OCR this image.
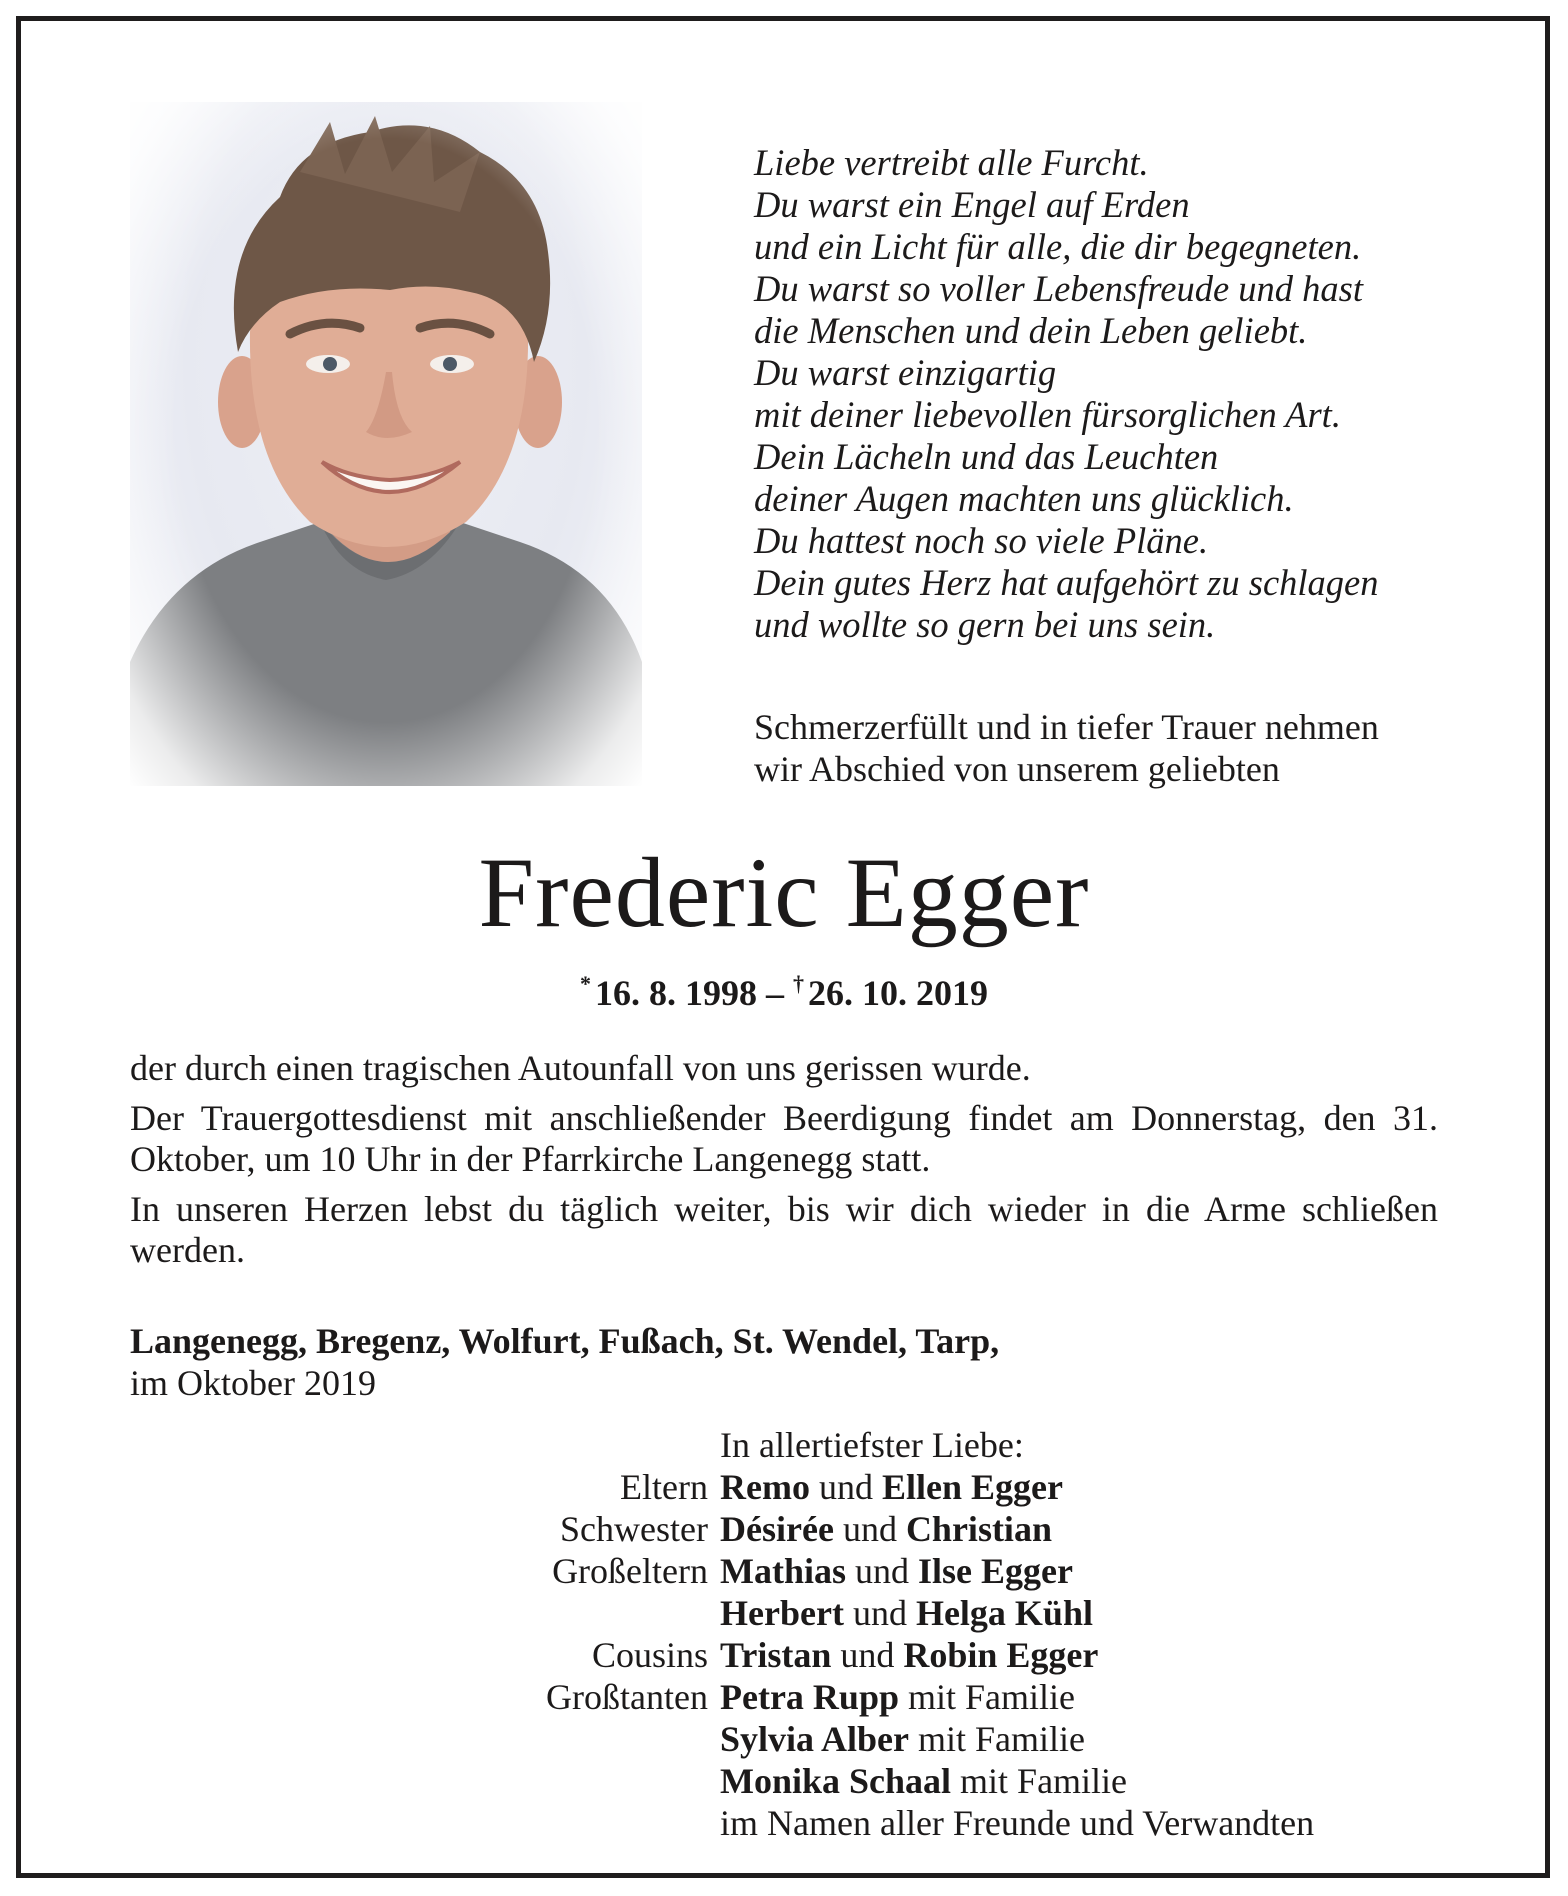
Liebe vertreibt alle Furcht.
Du warst ein Engel auf Erden
und ein Licht für alle, die dir begegneten.
Du warst so voller Lebensfreude und hast
die Menschen und dein Leben geliebt.
Du warst einzigartig
mit deiner liebevollen fürsorglichen Art.
Dein Lächeln und das Leuchten
deiner Augen machten uns glücklich.
Du hattest noch so viele Pläne.
Dein gutes Herz hat aufgehört zu schlagen
und wollte so gern bei uns sein.
Schmerzerfüllt und in tiefer Trauer nehmen
wir Abschied von unserem geliebten
Frederic Egger
* 16. 8. 1998 – † 26. 10. 2019

der durch einen tragischen Autounfall von uns gerissen wurde.

Der Trauergottesdienst mit anschließender Beerdigung findet am Donnerstag, den 31. Oktober, um 10 Uhr in der Pfarrkirche Langenegg statt.

In unseren Herzen lebst du täglich weiter, bis wir dich wieder in die Arme schließen werden.

Langenegg, Bregenz, Wolfurt, Fußach, St. Wendel, Tarp,
im Oktober 2019
In allertiefster Liebe:
Eltern Remo und Ellen Egger
Schwester Désirée und Christian
Großeltern Mathias und Ilse Egger
Herbert und Helga Kühl
Cousins Tristan und Robin Egger
Großtanten Petra Rupp mit Familie
Sylvia Alber mit Familie
Monika Schaal mit Familie
im Namen aller Freunde und Verwandten
